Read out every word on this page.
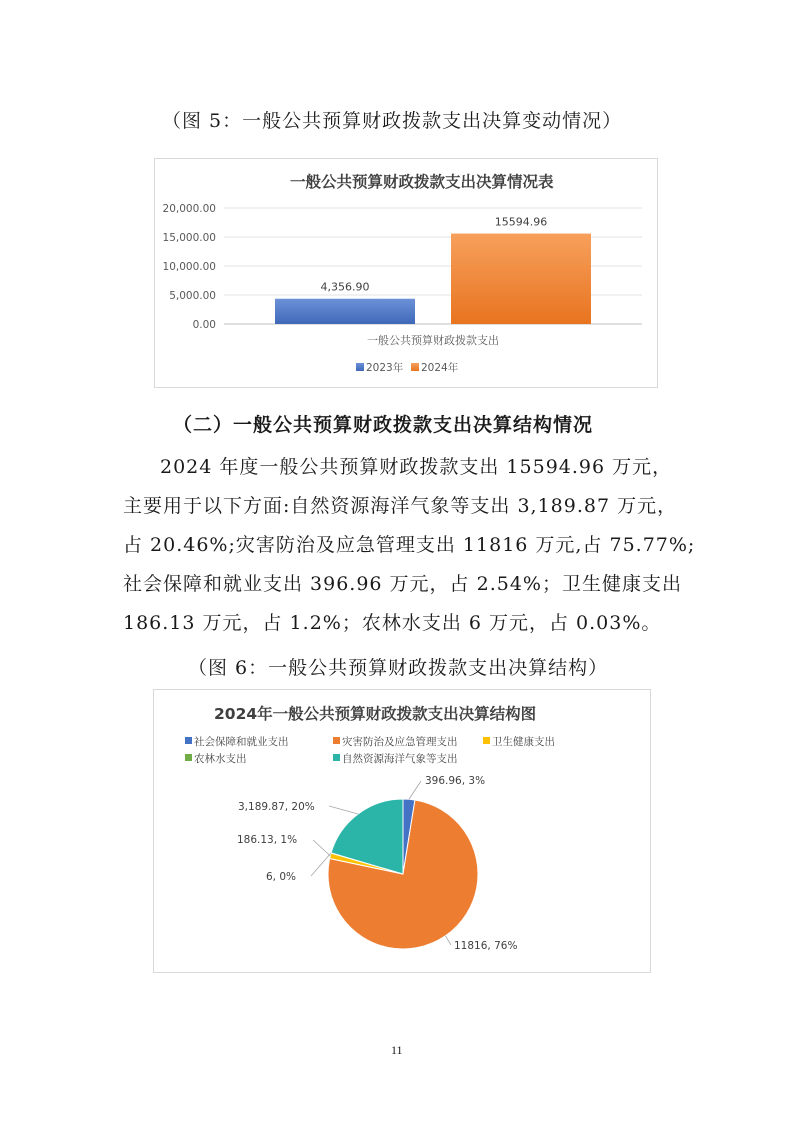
（图 5：一般公共预算财政拨款支出决算变动情况）
一般公共预算财政拨款支出决算情况表
20,000.00
15,000.00
10,000.00
5,000.00
0.00
4,356.90
15594.96
一般公共预算财政拨款支出
2023年 2024年
（二）一般公共预算财政拨款支出决算结构情况
2024 年度一般公共预算财政拨款支出 15594.96 万元，
主要用于以下方面:自然资源海洋气象等支出 3,189.87 万元，
占 20.46%;灾害防治及应急管理支出 11816 万元,占 75.77%;
社会保障和就业支出 396.96 万元，占 2.54%；卫生健康支出
186.13 万元，占 1.2%；农林水支出 6 万元，占 0.03%。
（图 6：一般公共预算财政拨款支出决算结构）
2024年一般公共预算财政拨款支出决算结构图
社会保障和就业支出	灾害防治及应急管理支出	卫生健康支出
农林水支出	自然资源海洋气象等支出
396.96, 3%
11816, 76%
186.13, 1%
6, 0%
3,189.87, 20%
11
